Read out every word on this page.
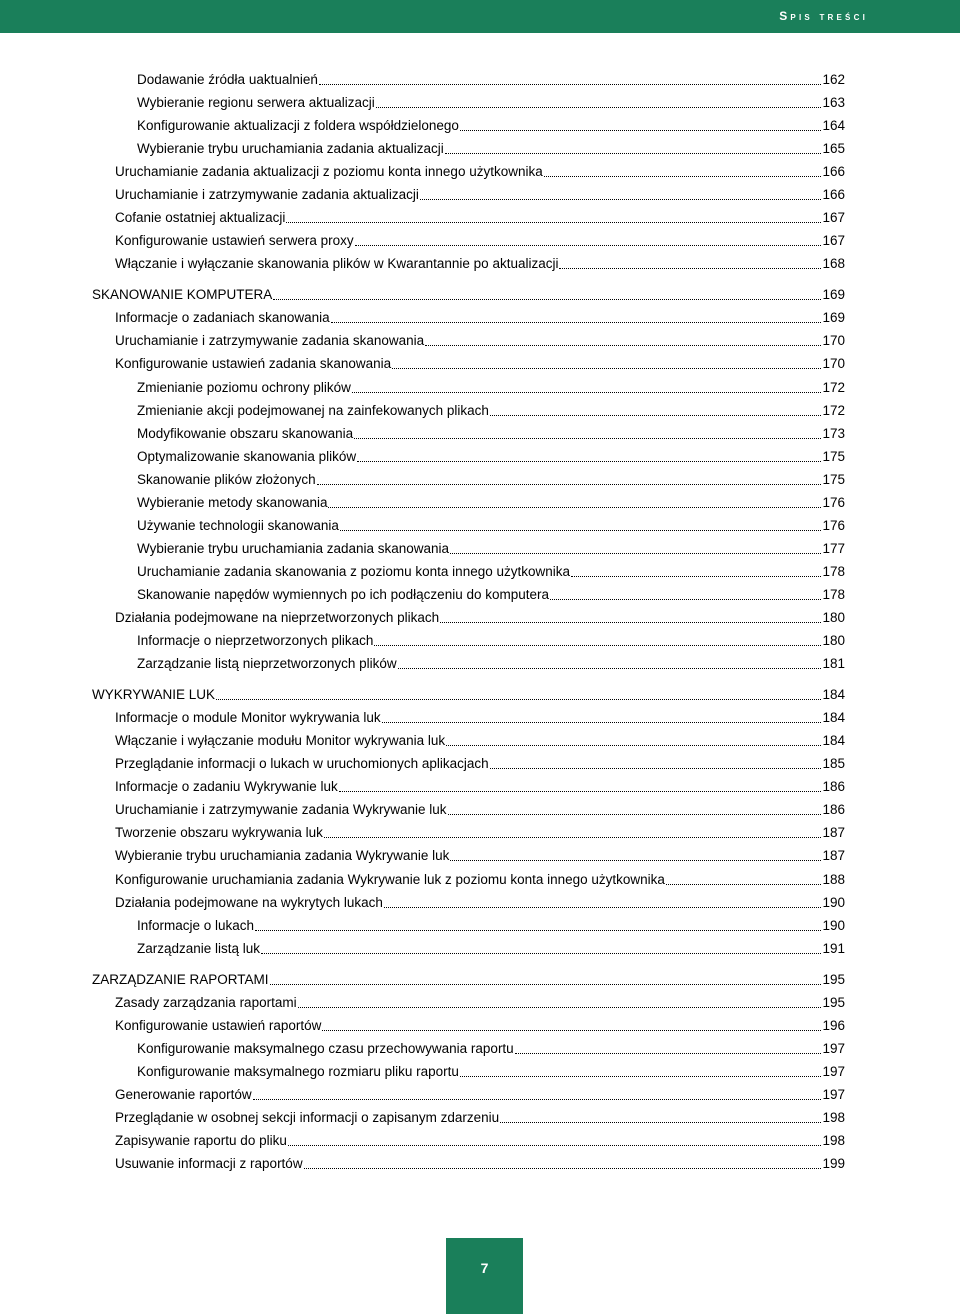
Spis treści
Dodawanie źródła uaktualnień	162
Wybieranie regionu serwera aktualizacji	163
Konfigurowanie aktualizacji z foldera współdzielonego	164
Wybieranie trybu uruchamiania zadania aktualizacji	165
Uruchamianie zadania aktualizacji z poziomu konta innego użytkownika	166
Uruchamianie i zatrzymywanie zadania aktualizacji	166
Cofanie ostatniej aktualizacji	167
Konfigurowanie ustawień serwera proxy	167
Włączanie i wyłączanie skanowania plików w Kwarantannie po aktualizacji	168
SKANOWANIE KOMPUTERA	169
Informacje o zadaniach skanowania	169
Uruchamianie i zatrzymywanie zadania skanowania	170
Konfigurowanie ustawień zadania skanowania	170
Zmienianie poziomu ochrony plików	172
Zmienianie akcji podejmowanej na zainfekowanych plikach	172
Modyfikowanie obszaru skanowania	173
Optymalizowanie skanowania plików	175
Skanowanie plików złożonych	175
Wybieranie metody skanowania	176
Używanie technologii skanowania	176
Wybieranie trybu uruchamiania zadania skanowania	177
Uruchamianie zadania skanowania z poziomu konta innego użytkownika	178
Skanowanie napędów wymiennych po ich podłączeniu do komputera	178
Działania podejmowane na nieprzetworzonych plikach	180
Informacje o nieprzetworzonych plikach	180
Zarządzanie listą nieprzetworzonych plików	181
WYKRYWANIE LUK	184
Informacje o module Monitor wykrywania luk	184
Włączanie i wyłączanie modułu Monitor wykrywania luk	184
Przeglądanie informacji o lukach w uruchomionych aplikacjach	185
Informacje o zadaniu Wykrywanie luk	186
Uruchamianie i zatrzymywanie zadania Wykrywanie luk	186
Tworzenie obszaru wykrywania luk	187
Wybieranie trybu uruchamiania zadania Wykrywanie luk	187
Konfigurowanie uruchamiania zadania Wykrywanie luk z poziomu konta innego użytkownika	188
Działania podejmowane na wykrytych lukach	190
Informacje o lukach	190
Zarządzanie listą luk	191
ZARZĄDZANIE RAPORTAMI	195
Zasady zarządzania raportami	195
Konfigurowanie ustawień raportów	196
Konfigurowanie maksymalnego czasu przechowywania raportu	197
Konfigurowanie maksymalnego rozmiaru pliku raportu	197
Generowanie raportów	197
Przeglądanie w osobnej sekcji informacji o zapisanym zdarzeniu	198
Zapisywanie raportu do pliku	198
Usuwanie informacji z raportów	199
7
